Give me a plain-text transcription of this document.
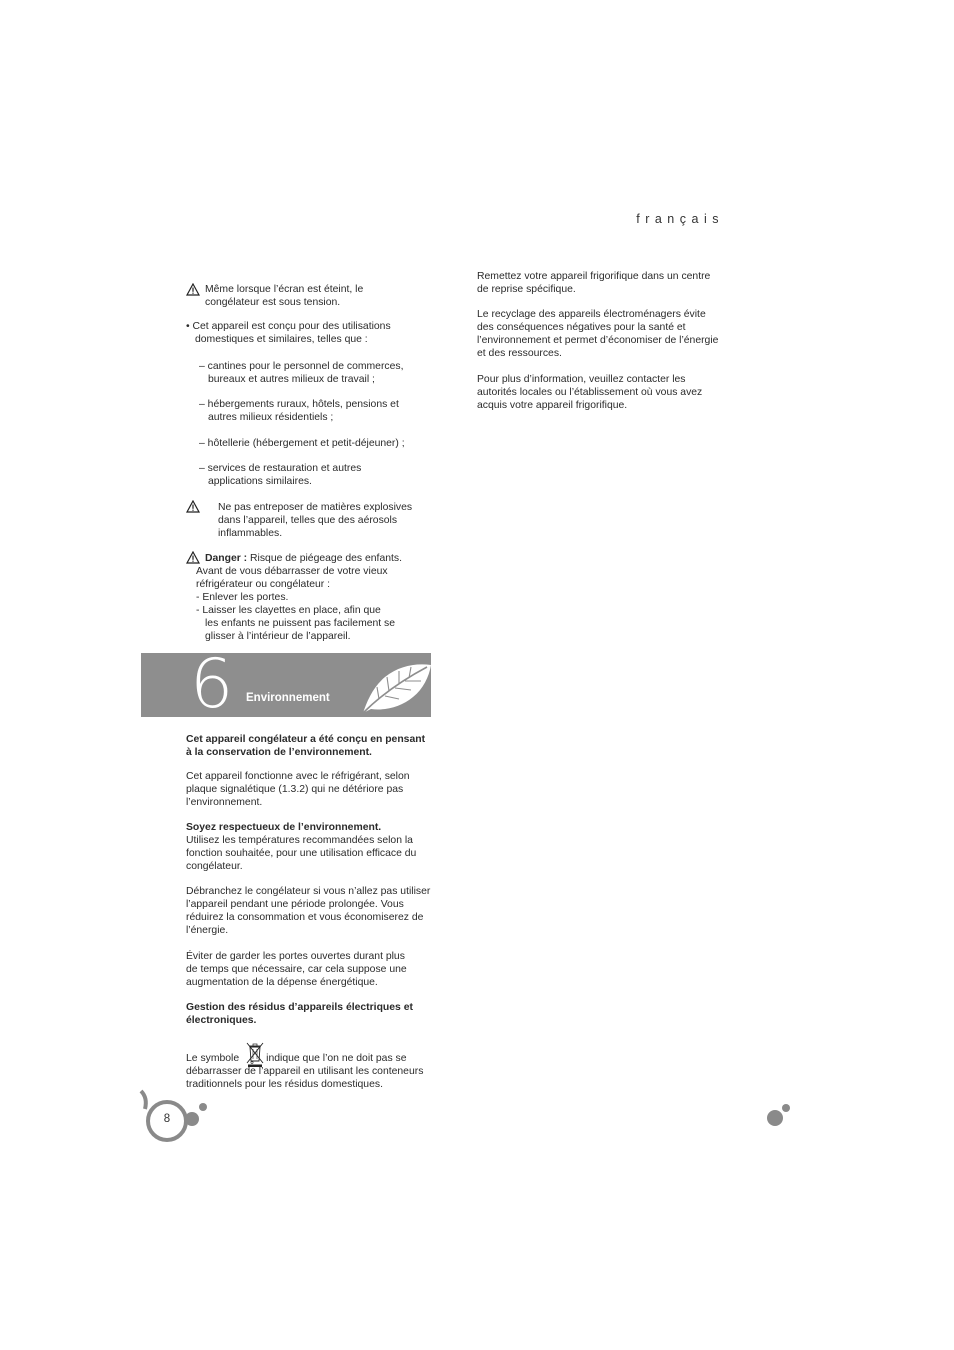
français
Même lorsque l’écran est éteint, le
congélateur est sous tension.
• Cet appareil est conçu pour des utilisations
domestiques et similaires, telles que :
– cantines pour le personnel de commerces,
bureaux et autres milieux de travail ;
– hébergements ruraux, hôtels, pensions et
autres milieux résidentiels ;
– hôtellerie (hébergement et petit-déjeuner) ;
– services de restauration et autres
applications similaires.
Ne pas entreposer de matières explosives
dans l’appareil, telles que des aérosols
inflammables.
Danger : Risque de piégeage des enfants.
Avant de vous débarrasser de votre vieux
réfrigérateur ou congélateur :
- Enlever les portes.
- Laisser les clayettes en place, afin que
les enfants ne puissent pas facilement se
glisser à l’intérieur de l’appareil.
6 Environnement
Cet appareil congélateur a été conçu en pensant
à la conservation de l’environnement.
Cet appareil fonctionne avec le réfrigérant, selon
plaque signalétique (1.3.2) qui ne détériore pas
l’environnement.
Soyez respectueux de l’environnement.
Utilisez les températures recommandées selon la
fonction souhaitée, pour une utilisation efficace du
congélateur.
Débranchez le congélateur si vous n’allez pas utiliser
l’appareil pendant une période prolongée. Vous
réduirez la consommation et vous économiserez de
l’énergie.
Éviter de garder les portes ouvertes durant plus
de temps que nécessaire, car cela suppose une
augmentation de la dépense énergétique.
Gestion des résidus d’appareils électriques et
électroniques.
Le symbole	indique que l’on ne doit pas se
débarrasser de l’appareil en utilisant les conteneurs
traditionnels pour les résidus domestiques.
Remettez votre appareil frigorifique dans un centre
de reprise spécifique.
Le recyclage des appareils électroménagers évite
des conséquences négatives pour la santé et
l’environnement et permet d’économiser de l’énergie
et des ressources.
Pour plus d’information, veuillez contacter les
autorités locales ou l’établissement où vous avez
acquis votre appareil frigorifique.
8
